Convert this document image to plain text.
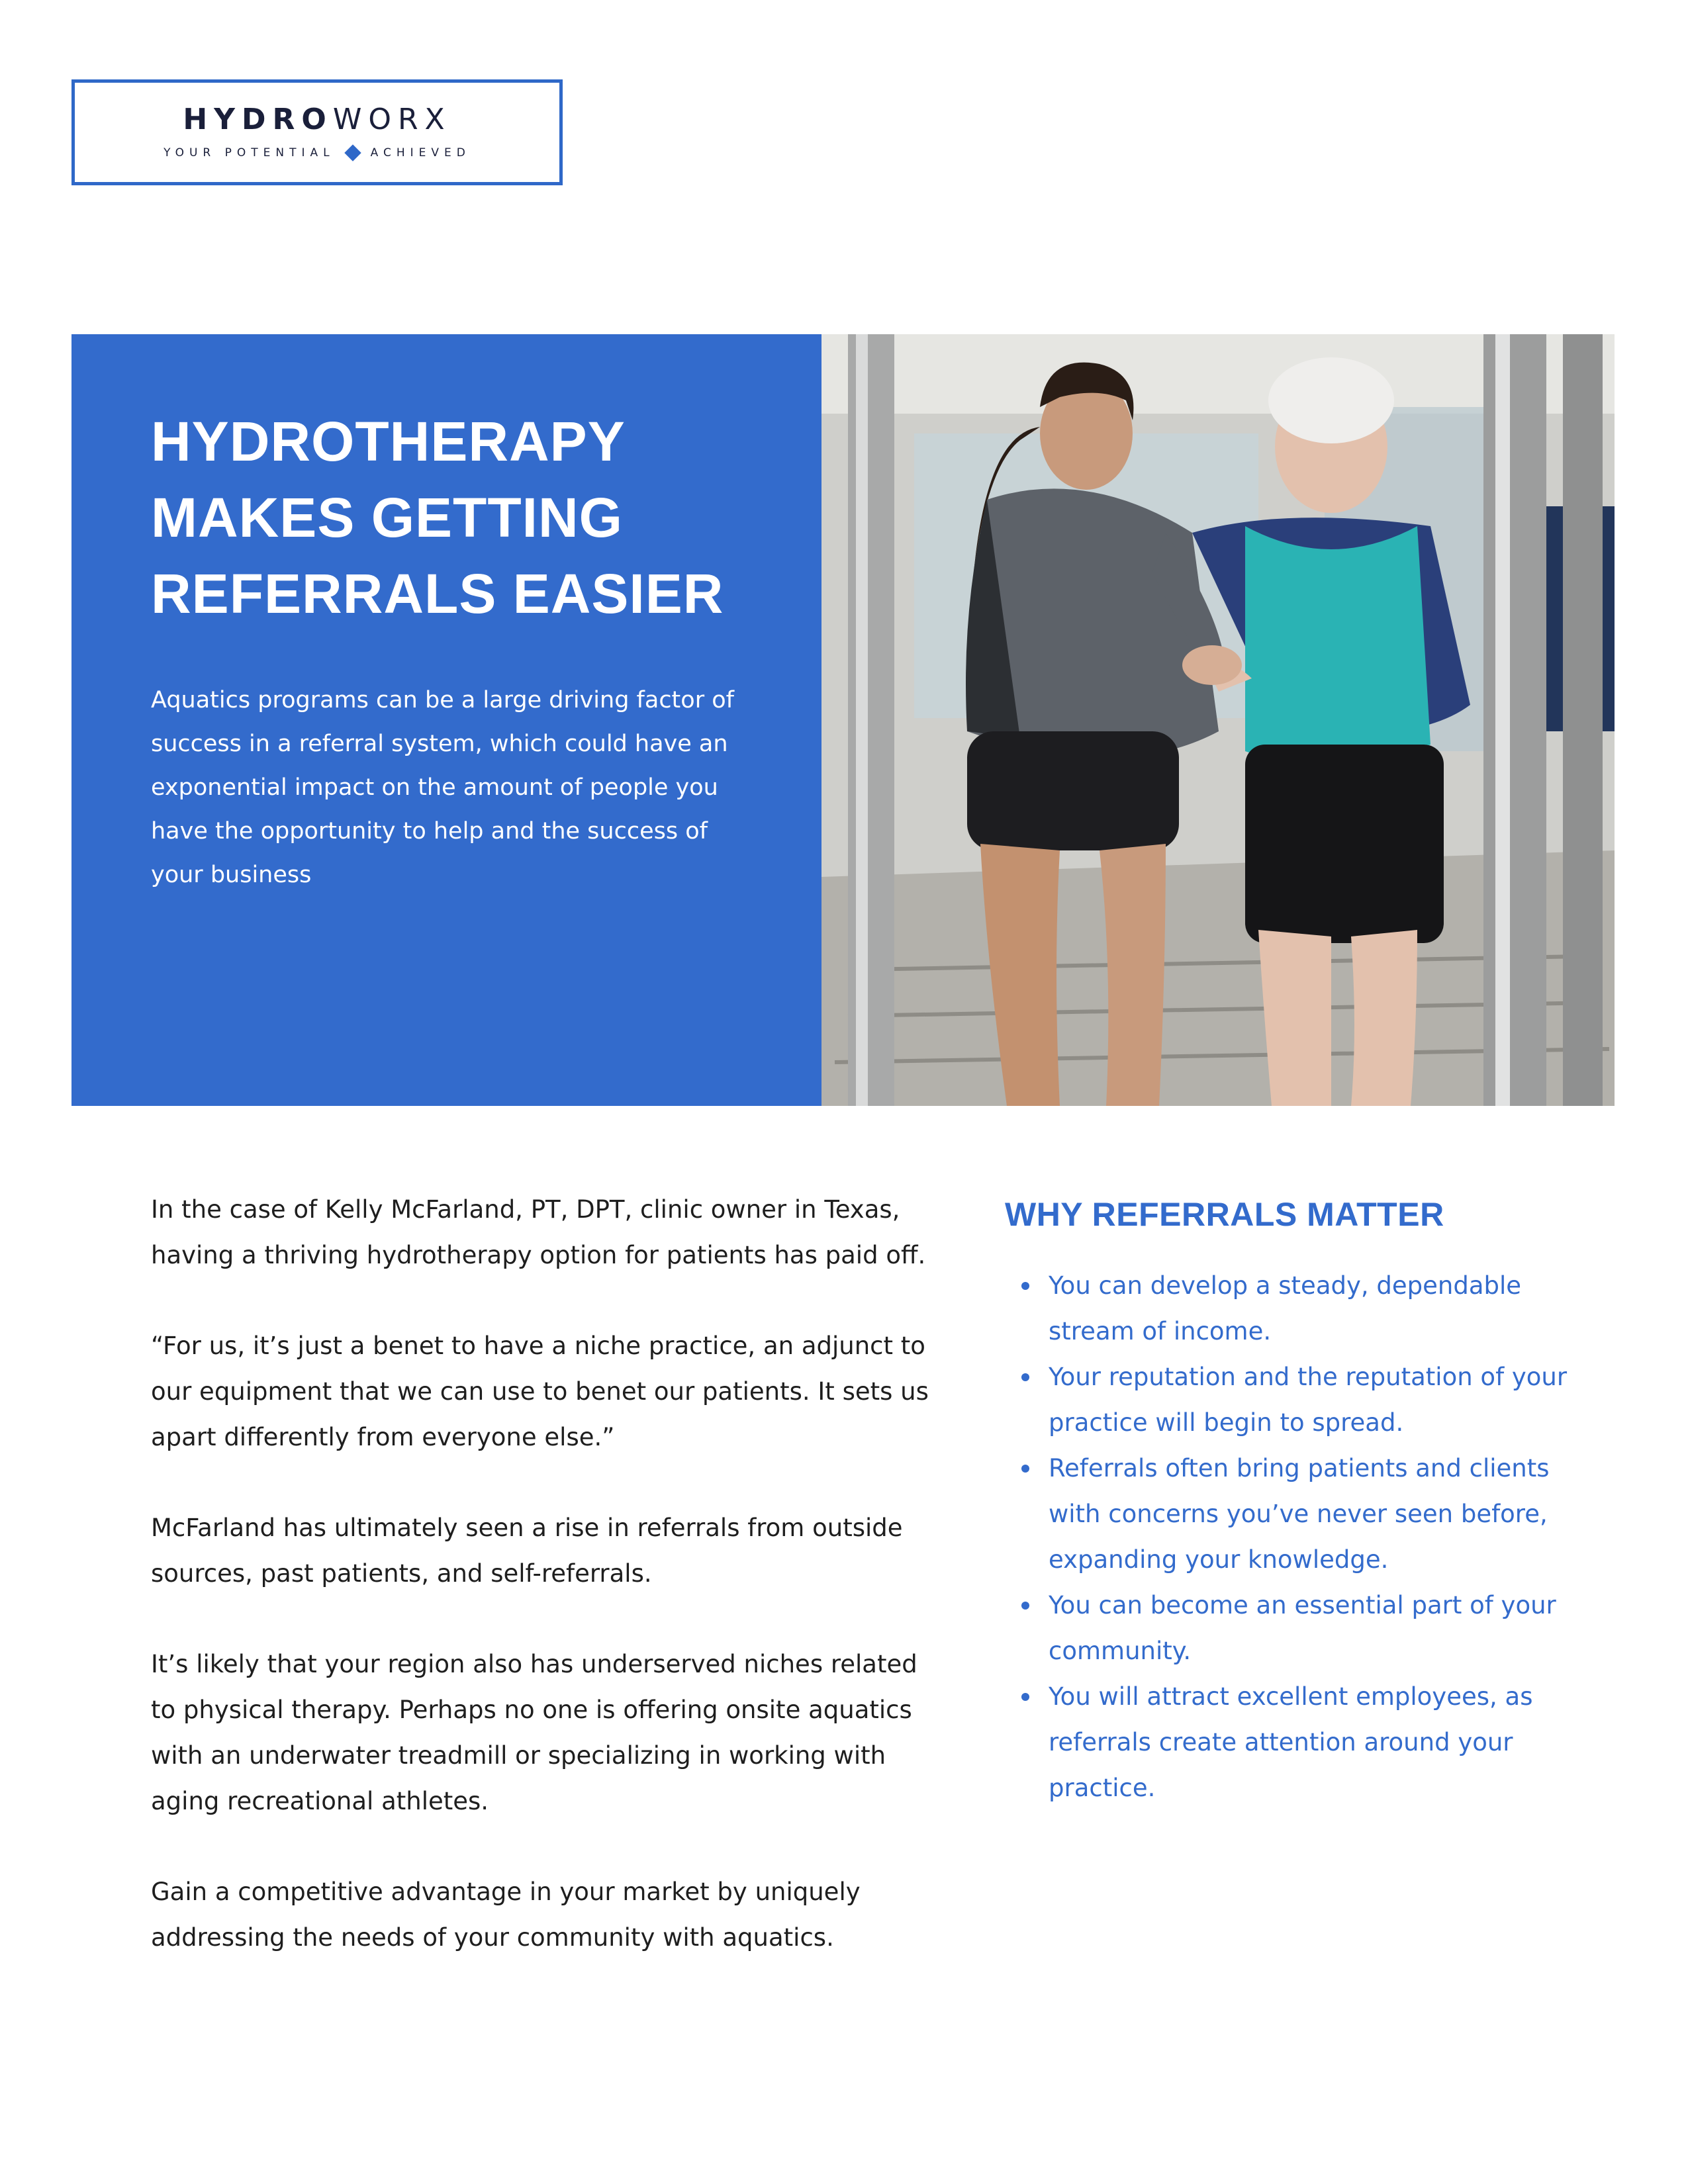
HYDRO WORX
YOUR POTENTIAL	ACHIEVED
HYDROTHERAPY
MAKES GETTING
REFERRALS EASIER

Aquatics programs can be a large driving factor of success in a referral system, which could have an exponential impact on the amount of people you have the opportunity to help and the success of your business

In the case of Kelly McFarland, PT, DPT, clinic owner in Texas, having a thriving hydrotherapy option for patients has paid off.

“For us, it’s just a benet to have a niche practice, an adjunct to our equipment that we can use to benet our patients. It sets us apart differently from everyone else.”

McFarland has ultimately seen a rise in referrals from outside sources, past patients, and self-referrals.

It’s likely that your region also has underserved niches related to physical therapy. Perhaps no one is offering onsite aquatics with an underwater treadmill or specializing in working with aging recreational athletes.

Gain a competitive advantage in your market by uniquely addressing the needs of your community with aquatics.

WHY REFERRALS MATTER
You can develop a steady, dependable stream of income.
Your reputation and the reputation of your practice will begin to spread.
Referrals often bring patients and clients with concerns you’ve never seen before, expanding your knowledge.
You can become an essential part of your community.
You will attract excellent employees, as referrals create attention around your practice.
